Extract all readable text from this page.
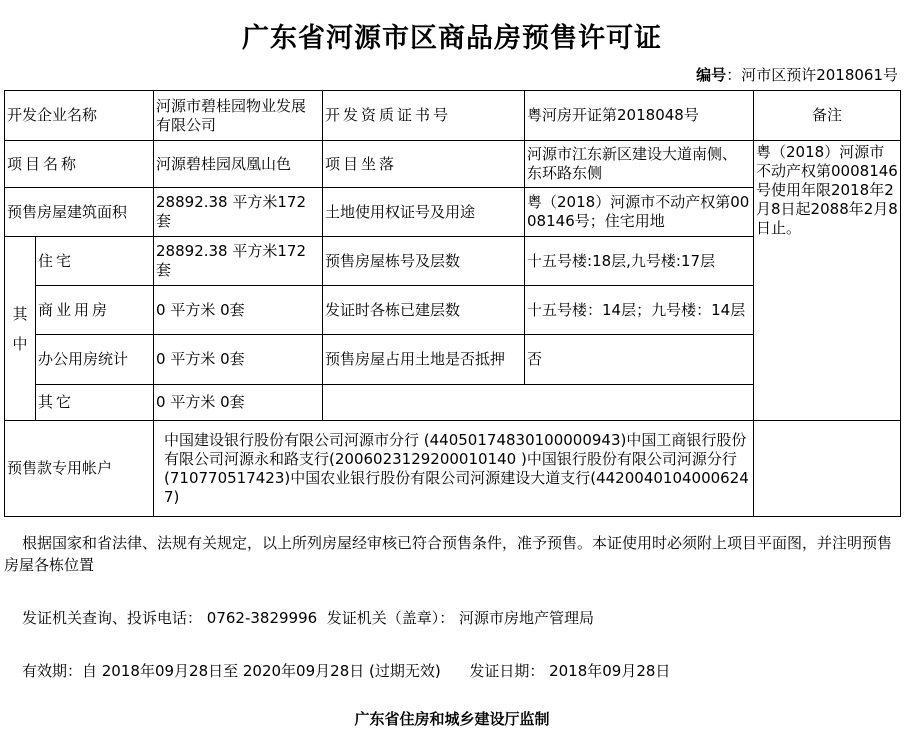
广东省河源市区商品房预售许可证
编号：河市区预许2018061号
开发企业名称		河源市碧桂园物业发展有限公司	开发资质证书号	粤河房开证第2018048号	备注
项目名称		河源碧桂园凤凰山色	项目坐落	河源市江东新区建设大道南侧、东环路东侧	粤（2018）河源市不动产权第0008146号使用年限2018年2月8日起2088年2月8日止。
预售房屋建筑面积		28892.38 平方米172套	土地使用权证号及用途	粤（2018）河源市不动产权第0008146号；住宅用地	
其中	住宅	28892.38 平方米172套	预售房屋栋号及层数	十五号楼:18层,九号楼:17层	
	商业用房	0 平方米 0套	发证时各栋已建层数	十五号楼：14层；九号楼：14层	
	办公用房统计	0 平方米 0套	预售房屋占用土地是否抵押	否	
	其它	0 平方米 0套			
预售款专用帐户		中国建设银行股份有限公司河源市分行 (44050174830100000943)中国工商银行股份有限公司河源永和路支行(2006023129200010140 )中国银行股份有限公司河源分行(710770517423)中国农业银行股份有限公司河源建设大道支行(44200401040006247)			
根据国家和省法律、法规有关规定，以上所列房屋经审核已符合预售条件，准予预售。本证使用时必须附上项目平面图，并注明预售房屋各栋位置
发证机关查询、投诉电话： 0762-3829996  发证机关（盖章）： 河源市房地产管理局
有效期：自 2018年09月28日至 2020年09月28日 (过期无效)      发证日期： 2018年09月28日
广东省住房和城乡建设厅监制
